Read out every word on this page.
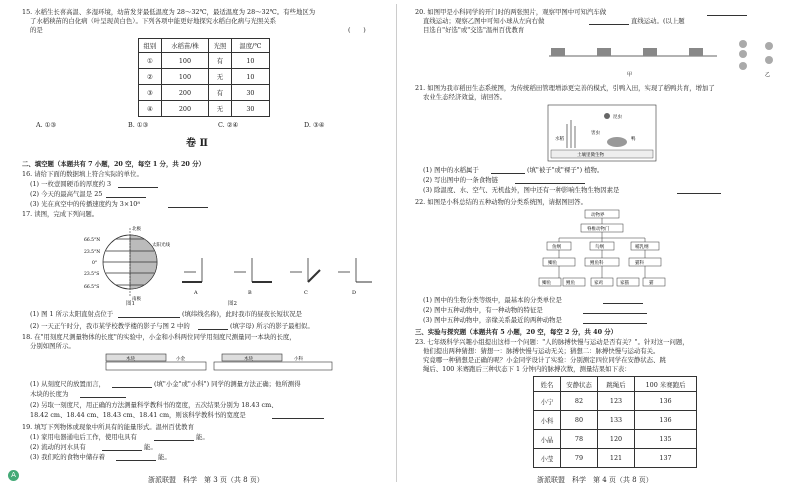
15. 水稻生长喜高温、多湿环境，幼苗发芽最低温度为 28～32℃，最适温度为 28～32℃。有些地区为
了水稻秧苗的白化病（叶呈现黄白色）。下列各项中能更好地探究水稻白化病与光照关系
的是	(　　)
组别	水稻苗/株	光照	温度/℃
①	100	有	10
②	100	无	10
③	200	有	30
④	200	无	30
A. ①③	B. ①③	C. ②④	D. ③④
卷 Ⅱ
二、填空题（本题共有 7 小题，20 空，每空 1 分，共 20 分）
16. 请给下面的数据填上符合实际的单位。
(1) 一枚壹圆硬币的厚度约 3
(2) 今天的最高气温是 25
(3) 光在真空中的传播速度约为 3×10⁸
17. 读图，完成下列问题。
66.5°N
23.5°N
0°
23.5°S
66.5°S
北极
南极
太阳光线
图1
A	B	C	D
图2
(1) 图 1 所示太阳直射点位于	(填纬线名称)，此时我市的昼夜长短状况是
(2) 一天正午时分，我市某学校教学楼的影子与图 2 中的	(填字母) 所示的影子最相似。
18. 在"用刻度尺测量物体的长度"的实验中，小金和小科两位同学用刻度尺测量同一本块的长度，
分别如图所示。
木块	小金	木块	小科
(1) 从刻度尺的放置而言，	(填"小金"或"小科") 同学的测量方法正确；他所测得
木块的长度为
(2) 另取一刻度尺，用正确的方法测量科学教科书的宽度，五次结果分别为 18.43 cm、
18.42 cm、18.44 cm、18.43 cm、18.41 cm，则该科学教科书的宽度是
19. 填写下列物体或现象中所具有的能量形式。温州百优教育
(1) 家用电器通电后工作，使用电具有	能。
(2) 流动的河水具有	能。
(3) 我们吃的食物中储存着	能。
A
浙派联盟　科学　第 3 页（共 8 页）
20. 如图甲是小科同学的开门时的两张照片，观察甲图中可知汽车做
直线运动；观察乙图中可知小球从左向右做	直线运动。(以上题
目选自"好选"或"交选"温州百优教育
甲	乙
21. 如图为我市稻田生态系统图，为传统稻田管理增添更完善的模式，引鸭入田，实现了稻鸭共育，增加了
农业生态经济效益，请回答。
昆虫
水稻	鸭
害虫
土壤里微生物
(1) 图中的水稻属于	(填"被子"或"裸子") 植物。
(2) 写出图中的一条食物链
(3) 除温度、水、空气、无机盐外，图中还有一种影响生物生物因素是
22. 如图是小科总结的五种动物的分类系统图，请据图回答。
动物界
脊椎动物门
鱼纲	鸟纲	哺乳纲
鲫鱼	鲤鱼科	猫科
鲫鱼	鲤鱼	家鸡	家猫	猫
(1) 图中的生物分类等级中，最基本的分类单位是
(2) 图中五种动物中，有一种动物的特征是
(3) 图中五种动物中，亲缘关系最近的两种动物是
三、实验与探究题（本题共有 5 小题，20 空，每空 2 分，共 40 分）
23. 七年级科学兴趣小组提出这样一个问题："人的脉搏快慢与运动是否有关？"。针对这一问题，
他们提出两种猜想：猜想一：脉搏快慢与运动无关；猜想二：脉搏快慢与运动有关。
究竟哪一种猜想是正确的呢？小金同学设计了实验：分别测定四位同学在安静状态、跳
绳后、100 米赛跑后三种状态下 1 分钟内的脉搏次数，测量结果如下表：
姓名	安静状态	跳绳后	100 米赛跑后
小宁	82	123	136
小科	80	133	136
小晶	78	120	135
小莹	79	121	137
浙派联盟　科学　第 4 页（共 8 页）
